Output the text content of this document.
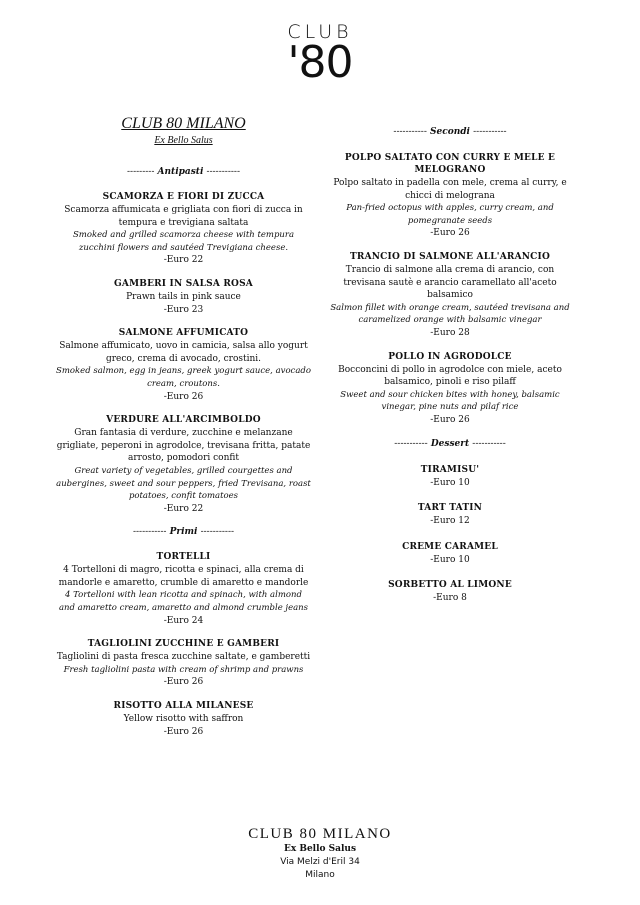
CLUB
'80

CLUB 80 MILANO

Ex Bello Salus

--------- Antipasti -----------

SCAMORZA E FIORI DI ZUCCA

Scamorza affumicata e grigliata con fiori di zucca in tempura e trevigiana saltata

Smoked and grilled scamorza cheese with tempura zucchini flowers and sautéed Trevigiana cheese.

-Euro 22

GAMBERI IN SALSA ROSA

Prawn tails in pink sauce

-Euro 23

SALMONE AFFUMICATO

Salmone affumicato, uovo in camicia, salsa allo yogurt greco, crema di avocado, crostini.

Smoked salmon, egg in jeans, greek yogurt sauce, avocado cream, croutons.

-Euro 26

VERDURE ALL'ARCIMBOLDO

Gran fantasia di verdure, zucchine e melanzane grigliate, peperoni in agrodolce, trevisana fritta, patate arrosto, pomodori confit

Great variety of vegetables, grilled courgettes and aubergines, sweet and sour peppers, fried Trevisana, roast potatoes, confit tomatoes

-Euro 22

----------- Primi -----------

TORTELLI

4 Tortelloni di magro, ricotta e spinaci, alla crema di mandorle e amaretto, crumble di amaretto e mandorle

4 Tortelloni with lean ricotta and spinach, with almond and amaretto cream, amaretto and almond crumble jeans

-Euro 24

TAGLIOLINI ZUCCHINE E GAMBERI

Tagliolini di pasta fresca zucchine saltate, e gamberetti

Fresh tagliolini pasta with cream of shrimp and prawns

-Euro 26

RISOTTO ALLA MILANESE

Yellow risotto with saffron

-Euro 26

----------- Secondi -----------

POLPO SALTATO CON CURRY E MELE E MELOGRANO

Polpo saltato in padella con mele, crema al curry, e chicci di melograna

Pan-fried octopus with apples, curry cream, and pomegranate seeds

-Euro 26

TRANCIO DI SALMONE ALL'ARANCIO

Trancio di salmone alla crema di arancio, con trevisana sautè e arancio caramellato all'aceto balsamico

Salmon fillet with orange cream, sautéed trevisana and caramelized orange with balsamic vinegar

-Euro 28

POLLO IN AGRODOLCE

Bocconcini di pollo in agrodolce con miele, aceto balsamico, pinoli e riso pilaff

Sweet and sour chicken bites with honey, balsamic vinegar, pine nuts and pilaf rice

-Euro 26

----------- Dessert -----------

TIRAMISU'

-Euro 10

TART TATIN

-Euro 12

CREME CARAMEL

-Euro 10

SORBETTO AL LIMONE

-Euro 8

CLUB 80 MILANO
Ex Bello Salus
Via Melzi d'Eril 34
Milano
